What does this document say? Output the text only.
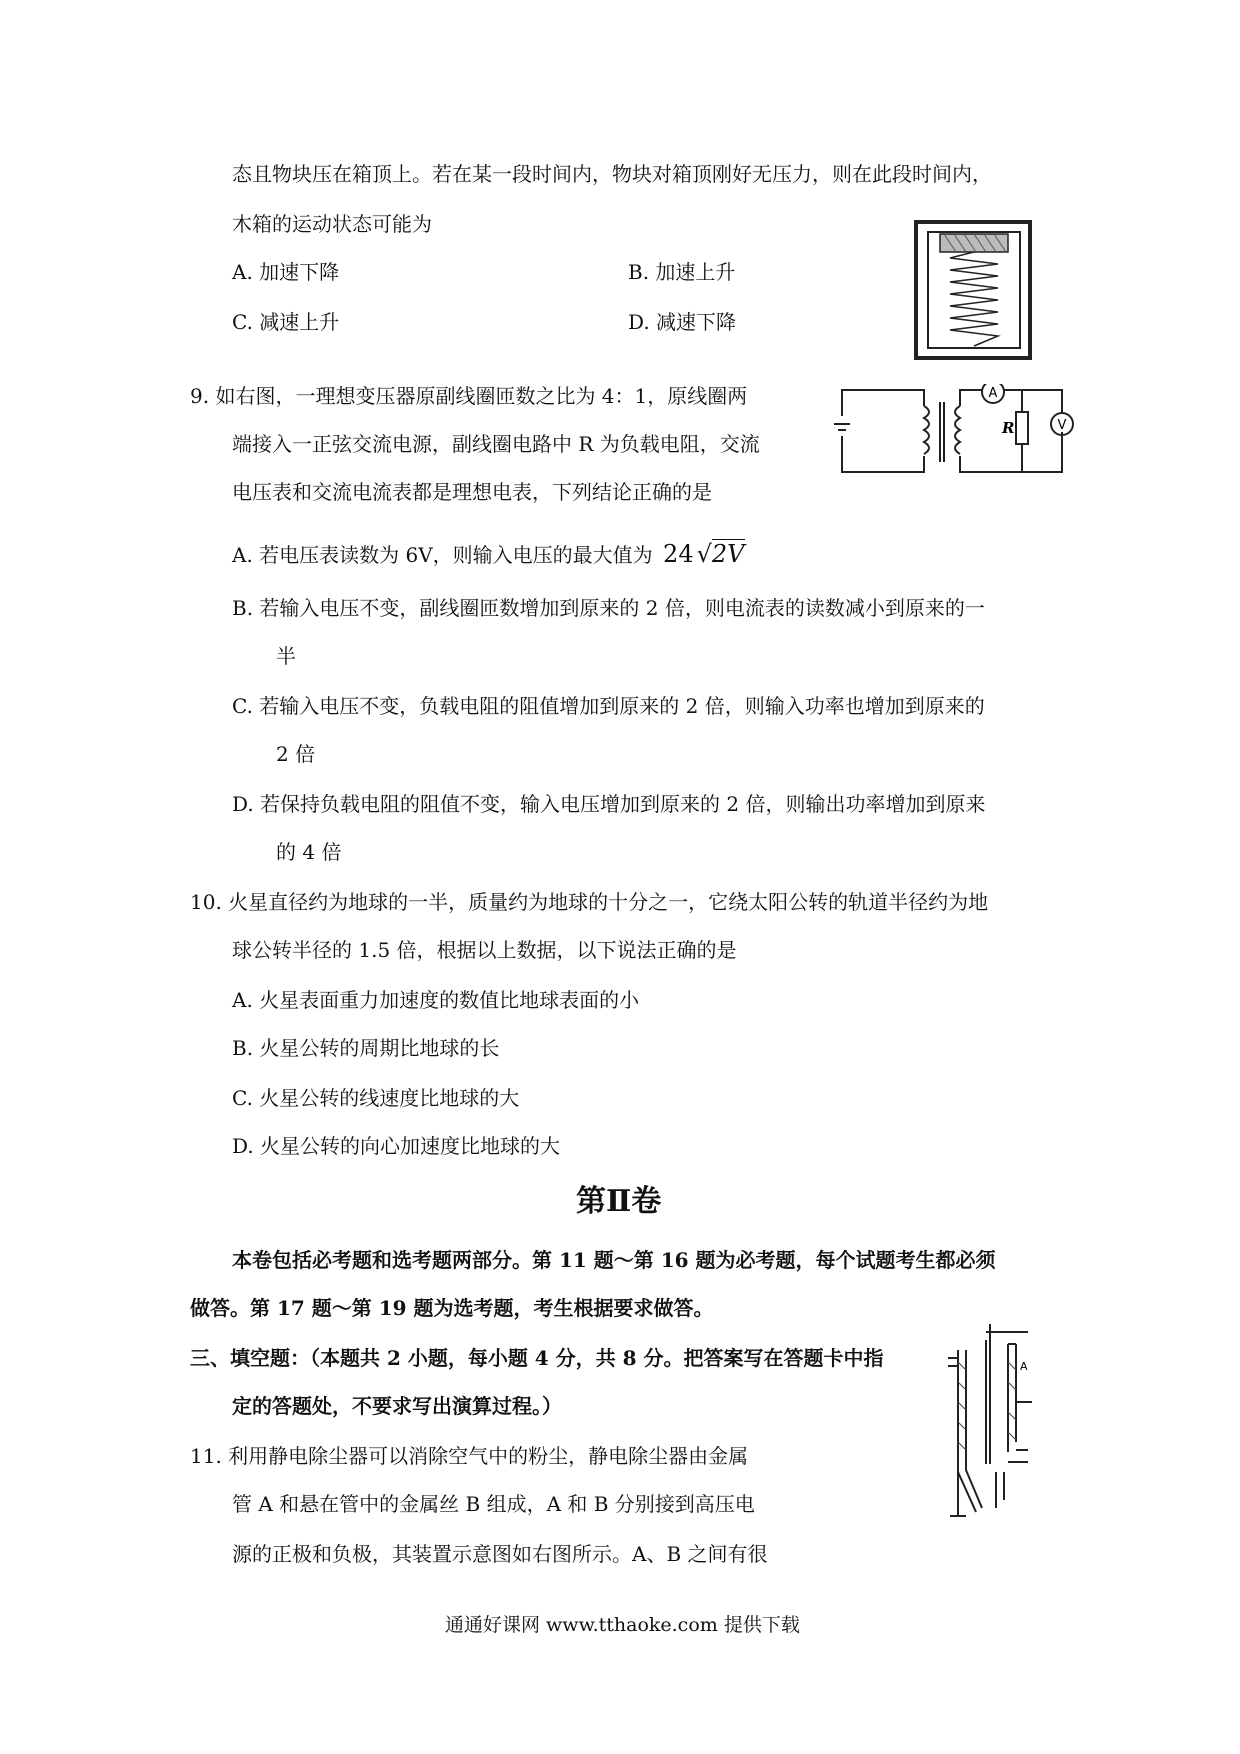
态且物块压在箱顶上。若在某一段时间内，物块对箱顶刚好无压力，则在此段时间内，
木箱的运动状态可能为
A. 加速下降	B. 加速上升
C. 减速上升	D. 减速下降
9. 如右图，一理想变压器原副线圈匝数之比为 4：1，原线圈两
端接入一正弦交流电源，副线圈电路中 R 为负载电阻，交流
电压表和交流电流表都是理想电表，下列结论正确的是
A
R	V
A. 若电压表读数为 6V，则输入电压的最大值为 24 √2V
B. 若输入电压不变，副线圈匝数增加到原来的 2 倍，则电流表的读数减小到原来的一
半
C. 若输入电压不变，负载电阻的阻值增加到原来的 2 倍，则输入功率也增加到原来的
2 倍
D. 若保持负载电阻的阻值不变，输入电压增加到原来的 2 倍，则输出功率增加到原来
的 4 倍
10. 火星直径约为地球的一半，质量约为地球的十分之一，它绕太阳公转的轨道半径约为地
球公转半径的 1.5 倍，根据以上数据，以下说法正确的是
A. 火星表面重力加速度的数值比地球表面的小
B. 火星公转的周期比地球的长
C. 火星公转的线速度比地球的大
D. 火星公转的向心加速度比地球的大
第Ⅱ卷
本卷包括必考题和选考题两部分。第 11 题～第 16 题为必考题，每个试题考生都必须
做答。第 17 题～第 19 题为选考题，考生根据要求做答。
三、填空题：（本题共 2 小题，每小题 4 分，共 8 分。把答案写在答题卡中指
定的答题处，不要求写出演算过程。）
11. 利用静电除尘器可以消除空气中的粉尘，静电除尘器由金属
管 A 和悬在管中的金属丝 B 组成，A 和 B 分别接到高压电
源的正极和负极，其装置示意图如右图所示。A、B 之间有很
A
通通好课网 www.tthaoke.com 提供下载
